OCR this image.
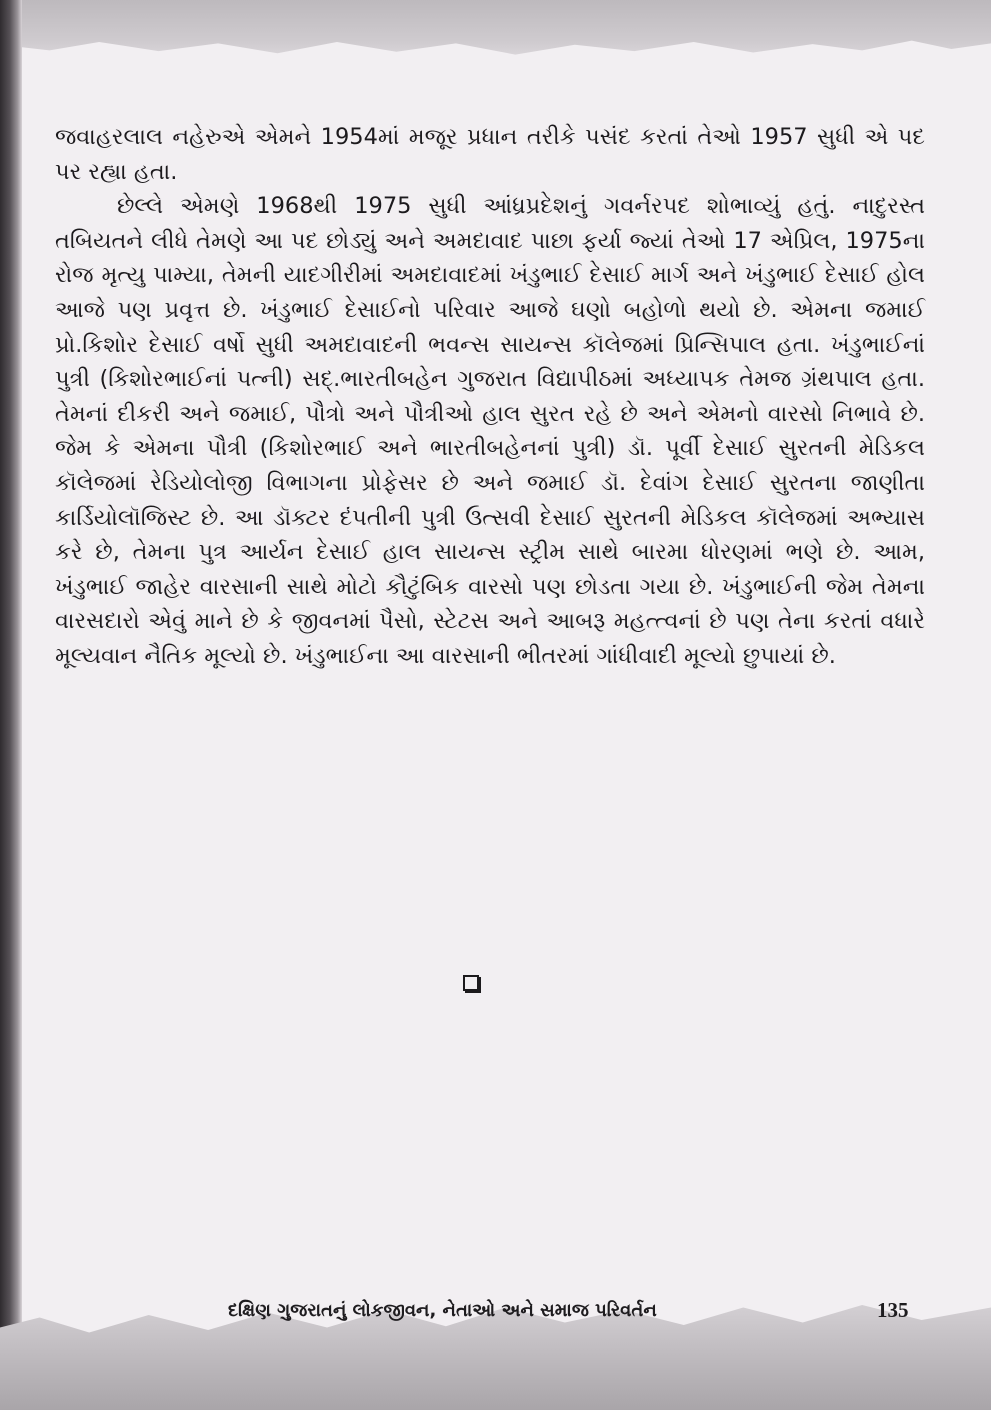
જવાહરલાલ નહેરુએ એમને 1954માં મજૂર પ્રધાન તરીકે પસંદ કરતાં તેઓ 1957 સુધી એ પદ પર રહ્યા હતા.

છેલ્લે એમણે 1968થી 1975 સુધી આંધ્રપ્રદેશનું ગવર્નરપદ શોભાવ્યું હતું. નાદુરસ્ત તબિયતને લીધે તેમણે આ પદ છોડ્યું અને અમદાવાદ પાછા ફર્યા જ્યાં તેઓ 17 એપ્રિલ, 1975ના રોજ મૃત્યુ પામ્યા, તેમની યાદગીરીમાં અમદાવાદમાં ખંડુભાઈ દેસાઈ માર્ગ અને ખંડુભાઈ દેસાઈ હોલ આજે પણ પ્રવૃત્ત છે. ખંડુભાઈ દેસાઈનો પરિવાર આજે ઘણો બહોળો થયો છે. એમના જમાઈ પ્રો.કિશોર દેસાઈ વર્ષો સુધી અમદાવાદની ભવન્સ સાયન્સ કૉલેજમાં પ્રિન્સિપાલ હતા. ખંડુભાઈનાં પુત્રી (કિશોરભાઈનાં પત્ની) સદ્.ભારતીબહેન ગુજરાત વિદ્યાપીઠમાં અધ્યાપક તેમજ ગ્રંથપાલ હતા. તેમનાં દીકરી અને જમાઈ, પૌત્રો અને પૌત્રીઓ હાલ સુરત રહે છે અને એમનો વારસો નિભાવે છે. જેમ કે એમના પૌત્રી (કિશોરભાઈ અને ભારતીબહેનનાં પુત્રી) ડૉ. પૂર્વી દેસાઈ સુરતની મેડિકલ કૉલેજમાં રેડિયોલોજી વિભાગના પ્રોફેસર છે અને જમાઈ ડૉ. દેવાંગ દેસાઈ સુરતના જાણીતા કાર્ડિયોલૉજિસ્ટ છે. આ ડૉક્ટર દંપતીની પુત્રી ઉત્સવી દેસાઈ સુરતની મેડિકલ કૉલેજમાં અભ્યાસ કરે છે, તેમના પુત્ર આર્યન દેસાઈ હાલ સાયન્સ સ્ટ્રીમ સાથે બારમા ધોરણમાં ભણે છે. આમ, ખંડુભાઈ જાહેર વારસાની સાથે મોટો કૌટુંબિક વારસો પણ છોડતા ગયા છે. ખંડુભાઈની જેમ તેમના વારસદારો એવું માને છે કે જીવનમાં પૈસો, સ્ટેટસ અને આબરૂ મહત્ત્વનાં છે પણ તેના કરતાં વધારે મૂલ્યવાન નૈતિક મૂલ્યો છે. ખંડુભાઈના આ વારસાની ભીતરમાં ગાંધીવાદી મૂલ્યો છુપાયાં છે.

દક્ષિણ ગુજરાતનું લોકજીવન, નેતાઓ અને સમાજ પરિવર્તન	135
